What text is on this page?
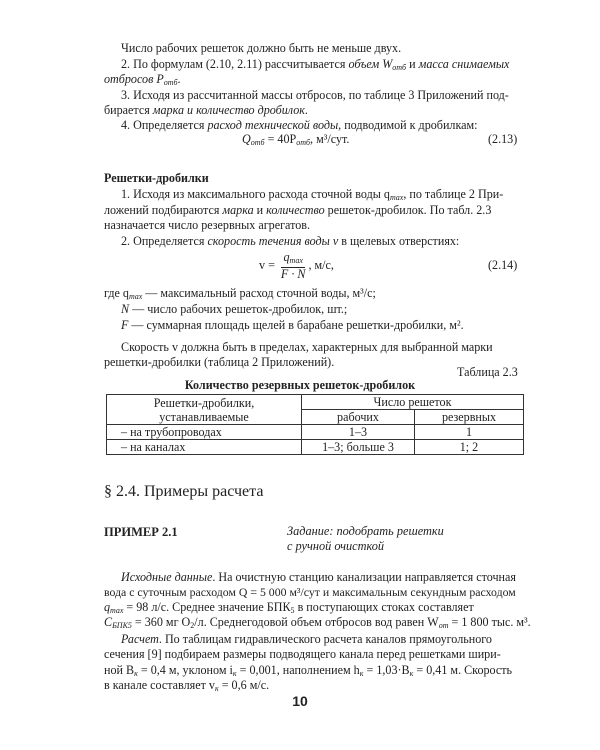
Число рабочих решеток должно быть не меньше двух.
2. По формулам (2.10, 2.11) рассчитывается объем $W_{отб}$ и масса снимаемых
отбросов $P_{отб}$.
3. Исходя из рассчитанной массы отбросов, по таблице 3 Приложений под-
бирается марка и количество дробилок.
4. Определяется расход технической воды, подводимой к дробилкам:
$Q_{отб} = 40P_{отб}$, м³/сут.	(2.13)
Решетки-дробилки
1. Исходя из максимального расхода сточной воды $q_{max}$, по таблице 2 При-
ложений подбираются марка и количество решеток-дробилок. По табл. 2.3
назначается число резервных агрегатов.
2. Определяется скорость течения воды v в щелевых отверстиях:
$v = \frac{q_{max}}{F \cdot N}$ , м/с,	(2.14)
где $q_{max}$ — максимальный расход сточной воды, м³/с;
N — число рабочих решеток-дробилок, шт.;
F — суммарная площадь щелей в барабане решетки-дробилки, м².
Скорость v должна быть в пределах, характерных для выбранной марки
решетки-дробилки (таблица 2 Приложений).
Таблица 2.3
Количество резервных решеток-дробилок
Решетки-дробилки, устанавливаемые	Число решеток	
	рабочих	резервных
– на трубопроводах	1–3	1
– на каналах	1–3; больше 3	1; 2
§ 2.4. Примеры расчета
ПРИМЕР 2.1	Задание: подобрать решетки
с ручной очисткой
Исходные данные. На очистную станцию канализации направляется сточная
вода с суточным расходом Q = 5 000 м³/сут и максимальным секундным расходом
$q_{max} = 98$ л/с. Среднее значение $БПК_5$ в поступающих стоках составляет
$C_{БПК5} = 360$ мг $О_2/л$. Среднегодовой объем отбросов вод равен $W_{от} = 1$ 800 тыс. м³.
Расчет. По таблицам гидравлического расчета каналов прямоугольного
сечения [9] подбираем размеры подводящего канала перед решетками шири-
ной $B_к = 0,4$ м, уклоном $i_к = 0,001$, наполнением $h_к = 1,03\cdot B_к = 0,41$ м. Скорость
в канале составляет $v_к = 0,6$ м/с.
10
